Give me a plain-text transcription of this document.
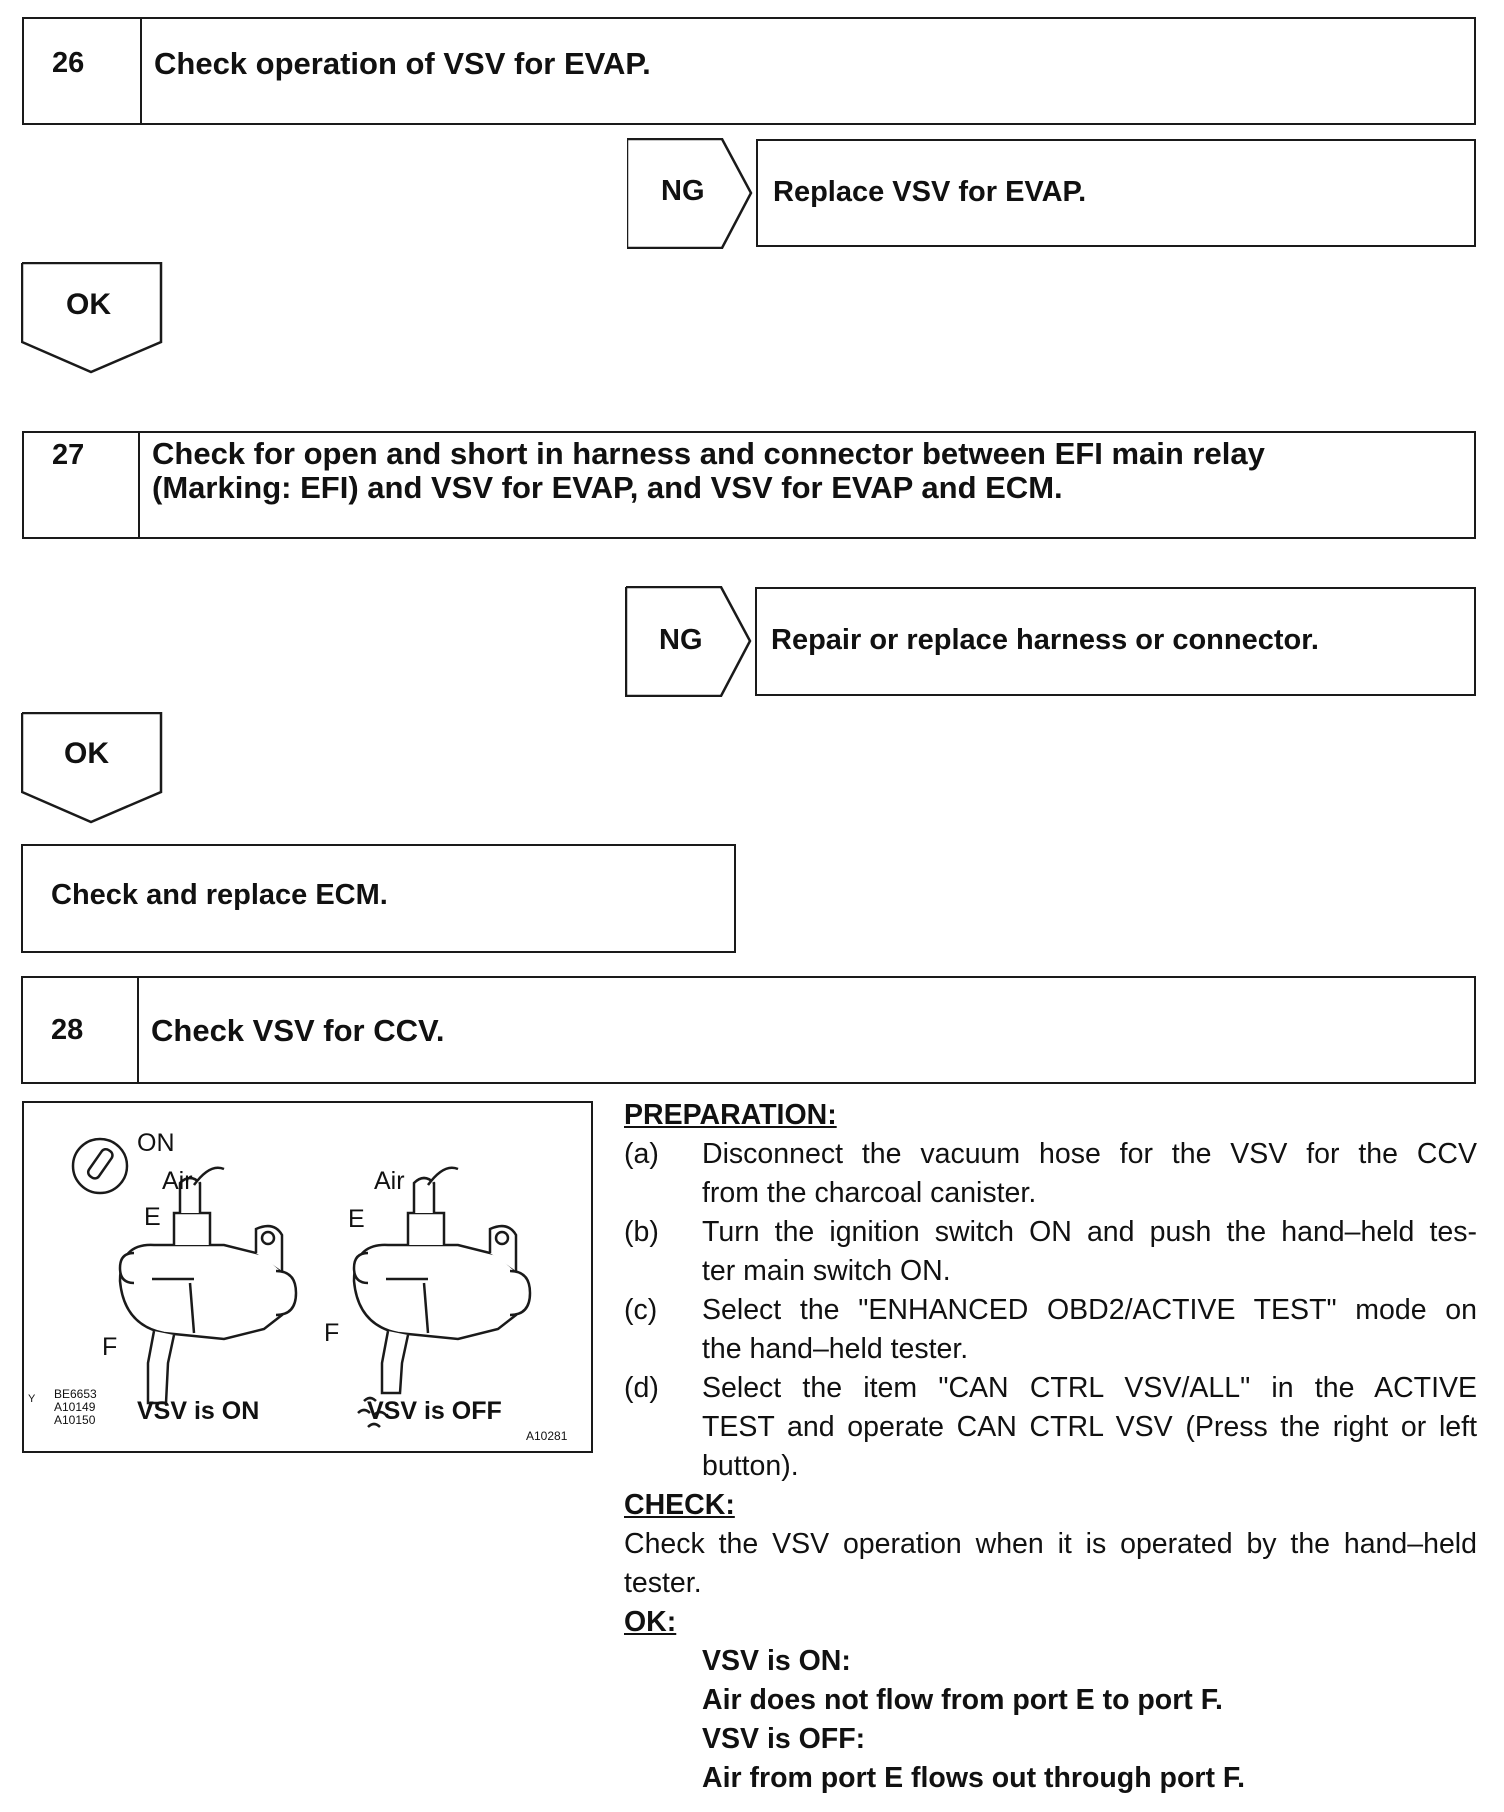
26	Check operation of VSV for EVAP.
NG	Replace VSV for EVAP.
OK
27	Check for open and short in harness and connector between EFI main relay
(Marking: EFI) and VSV for EVAP, and VSV for EVAP and ECM.
NG	Repair or replace harness or connector.
OK
Check and replace ECM.
28	Check VSV for CCV.
ON
Air	Air
E	E
F	F
Y BE6653
A10149
A10150 VSV is ON	VSV is OFF
A10281
PREPARATION:
(a)	Disconnect the vacuum hose for the VSV for the CCV
from the charcoal canister.
(b)	Turn the ignition switch ON and push the hand–held tes-
ter main switch ON.
(c)	Select the "ENHANCED OBD2/ACTIVE TEST" mode on
the hand–held tester.
(d)	Select the item "CAN CTRL VSV/ALL" in the ACTIVE
TEST and operate CAN CTRL VSV (Press the right or left
button).
CHECK:
Check the VSV operation when it is operated by the hand–held
tester.
OK:
VSV is ON:
Air does not flow from port E to port F.
VSV is OFF:
Air from port E flows out through port F.
